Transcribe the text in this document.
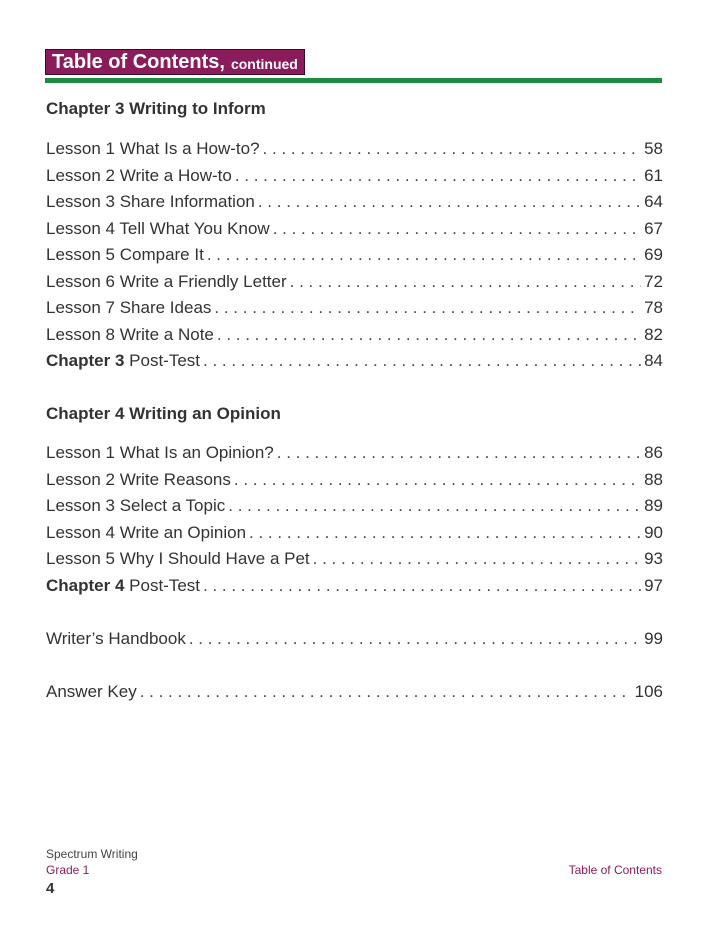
Table of Contents, continued
Chapter 3 Writing to Inform
Lesson 1 What Is a How-to? . . .	58
Lesson 2 Write a How-to . . .	61
Lesson 3 Share Information . . .	64
Lesson 4 Tell What You Know . . .	67
Lesson 5 Compare It . . .	69
Lesson 6 Write a Friendly Letter . . .	72
Lesson 7 Share Ideas . . .	78
Lesson 8 Write a Note . . .	82
Chapter 3 Post-Test . . .	84
Chapter 4 Writing an Opinion
Lesson 1 What Is an Opinion? . . .	86
Lesson 2 Write Reasons . . .	88
Lesson 3 Select a Topic . . .	89
Lesson 4 Write an Opinion . . .	90
Lesson 5 Why I Should Have a Pet . . .	93
Chapter 4 Post-Test . . .	97
Writer’s Handbook . . .	99
Answer Key . . .	106
Spectrum Writing
Grade 1
4
Table of Contents
